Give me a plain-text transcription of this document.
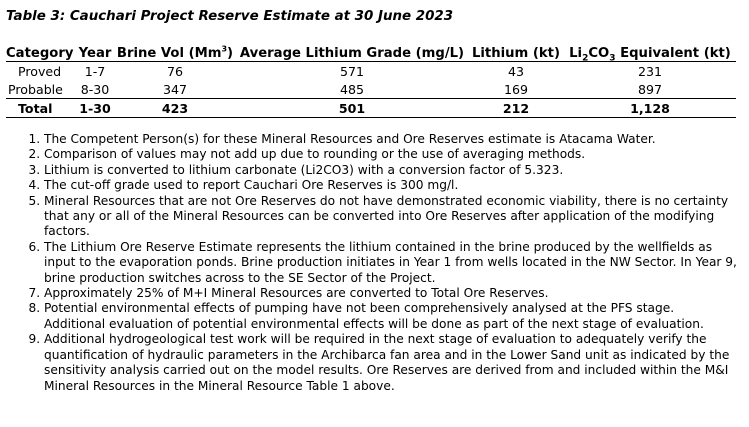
Table 3: Cauchari Project Reserve Estimate at 30 June 2023
Category	Year	Brine Vol (Mm$^3$)	Average Lithium Grade (mg/L)	Lithium (kt)	$Li_2CO_3$ Equivalent (kt)
Proved	1-7	76	571	43	231
Probable	8-30	347	485	169	897
Total	1-30	423	501	212	1,128
1. The Competent Person(s) for these Mineral Resources and Ore Reserves estimate is Atacama Water.
2. Comparison of values may not add up due to rounding or the use of averaging methods.
3. Lithium is converted to lithium carbonate (Li2CO3) with a conversion factor of 5.323.
4. The cut-off grade used to report Cauchari Ore Reserves is 300 mg/l.
5. Mineral Resources that are not Ore Reserves do not have demonstrated economic viability, there is no certainty that any or all of the Mineral Resources can be converted into Ore Reserves after application of the modifying factors.
6. The Lithium Ore Reserve Estimate represents the lithium contained in the brine produced by the wellfields as input to the evaporation ponds. Brine production initiates in Year 1 from wells located in the NW Sector. In Year 9, brine production switches across to the SE Sector of the Project.
7. Approximately 25% of M+I Mineral Resources are converted to Total Ore Reserves.
8. Potential environmental effects of pumping have not been comprehensively analysed at the PFS stage. Additional evaluation of potential environmental effects will be done as part of the next stage of evaluation.
9. Additional hydrogeological test work will be required in the next stage of evaluation to adequately verify the quantification of hydraulic parameters in the Archibarca fan area and in the Lower Sand unit as indicated by the sensitivity analysis carried out on the model results. Ore Reserves are derived from and included within the M&I Mineral Resources in the Mineral Resource Table 1 above.
